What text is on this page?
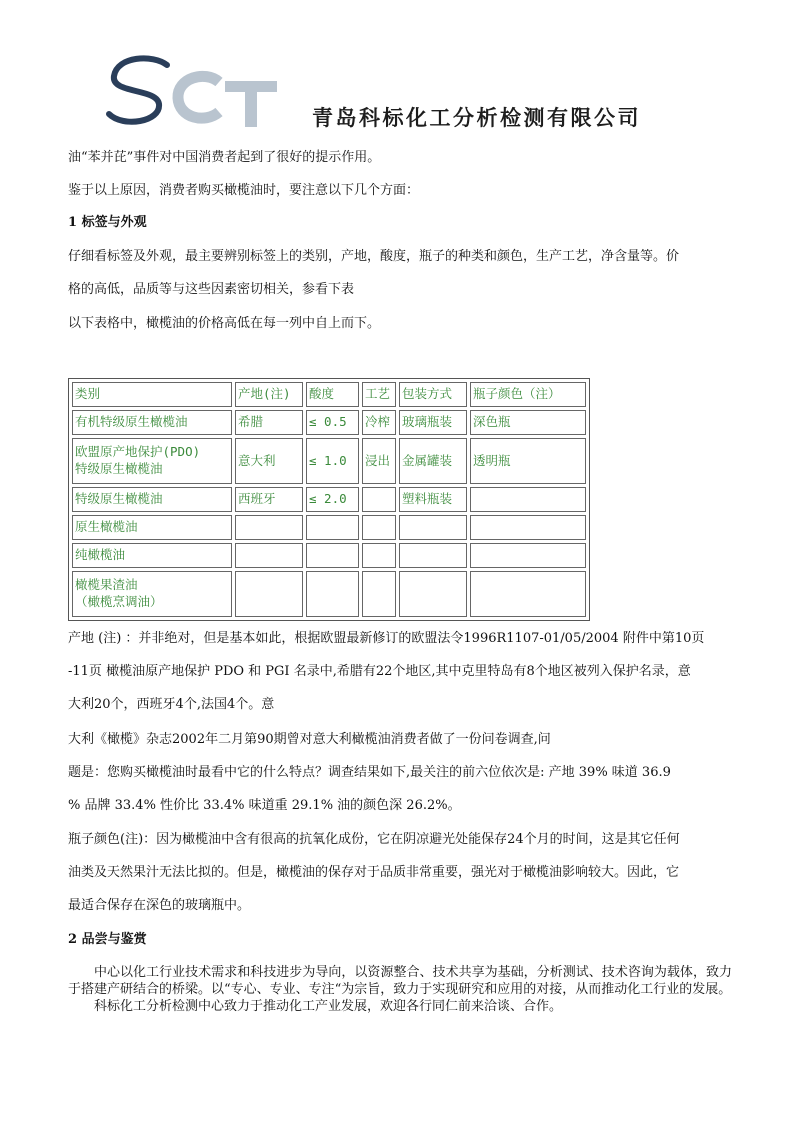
青岛科标化工分析检测有限公司
油“苯并芘”事件对中国消费者起到了很好的提示作用。
鉴于以上原因，消费者购买橄榄油时，要注意以下几个方面：
1 标签与外观
仔细看标签及外观，最主要辨别标签上的类别，产地，酸度，瓶子的种类和颜色，生产工艺，净含量等。价
格的高低，品质等与这些因素密切相关，参看下表
以下表格中，橄榄油的价格高低在每一列中自上而下。
类别	产地(注)	酸度	工艺	包装方式	瓶子颜色（注）
有机特级原生橄榄油	希腊	≤ 0.5	冷榨	玻璃瓶装	深色瓶
欧盟原产地保护(PDO)
特级原生橄榄油	意大利	≤ 1.0	浸出	金属罐装	透明瓶
特级原生橄榄油	西班牙	≤ 2.0		塑料瓶装	
原生橄榄油					
纯橄榄油					
橄榄果渣油
（橄榄烹调油）					
产地 (注) ：并非绝对，但是基本如此，根据欧盟最新修订的欧盟法令1996R1107-01/05/2004 附件中第10页
-11页 橄榄油原产地保护 PDO 和 PGI 名录中,希腊有22个地区,其中克里特岛有8个地区被列入保护名录，意
大利20个，西班牙4个,法国4个。意
大利《橄榄》杂志2002年二月第90期曾对意大利橄榄油消费者做了一份问卷调查,问
题是：您购买橄榄油时最看中它的什么特点？调查结果如下,最关注的前六位依次是: 产地 39% 味道 36.9
% 品牌 33.4% 性价比 33.4% 味道重 29.1% 油的颜色深 26.2%。
瓶子颜色(注)：因为橄榄油中含有很高的抗氧化成份，它在阴凉避光处能保存24个月的时间，这是其它任何
油类及天然果汁无法比拟的。但是，橄榄油的保存对于品质非常重要，强光对于橄榄油影响较大。因此，它
最适合保存在深色的玻璃瓶中。
2 品尝与鉴赏

中心以化工行业技术需求和科技进步为导向，以资源整合、技术共享为基础，分析测试、技术咨询为载体，致力于搭建产研结合的桥梁。以“专心、专业、专注“为宗旨，致力于实现研究和应用的对接，从而推动化工行业的发展。

科标化工分析检测中心致力于推动化工产业发展，欢迎各行同仁前来洽谈、合作。
